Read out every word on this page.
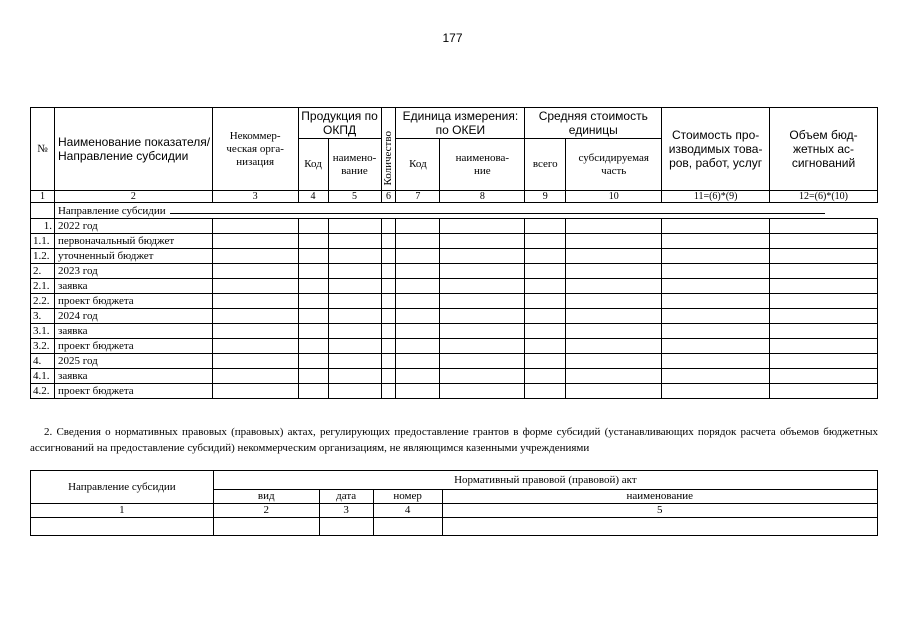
177
№	Наименование показателя/ Направление субсидии	Некоммер-ческая орга-низация	Продукция по ОКПД		Количество	Единица измерения: по ОКЕИ		Средняя стоимость единицы		Стоимость про-изводимых това-ров, работ, услуг	Объем бюд-жетных ас-сигнований
			Код	наимено-вание		Код	наименова-ние	всего	субсидируемая часть		
1	2	3	4	5	6	7	8	9	10	11=(6)*(9)	12=(6)*(10)
	Направление субсидии										
1.	2022 год										
1.1.	первоначальный бюджет										
1.2.	уточненный бюджет										
2.	2023 год										
2.1.	заявка										
2.2.	проект бюджета										
3.	2024 год										
3.1.	заявка										
3.2.	проект бюджета										
4.	2025 год										
4.1.	заявка										
4.2.	проект бюджета										
2. Сведения о нормативных правовых (правовых) актах, регулирующих предоставление грантов в форме субсидий (устанавливающих порядок расчета объемов бюджетных ассигнований на предоставление субсидий) некоммерческим организациям, не являющимся казенными учреждениями
Направление субсидии	Нормативный правовой (правовой) акт			
	вид	дата	номер	наименование
1	2	3	4	5
